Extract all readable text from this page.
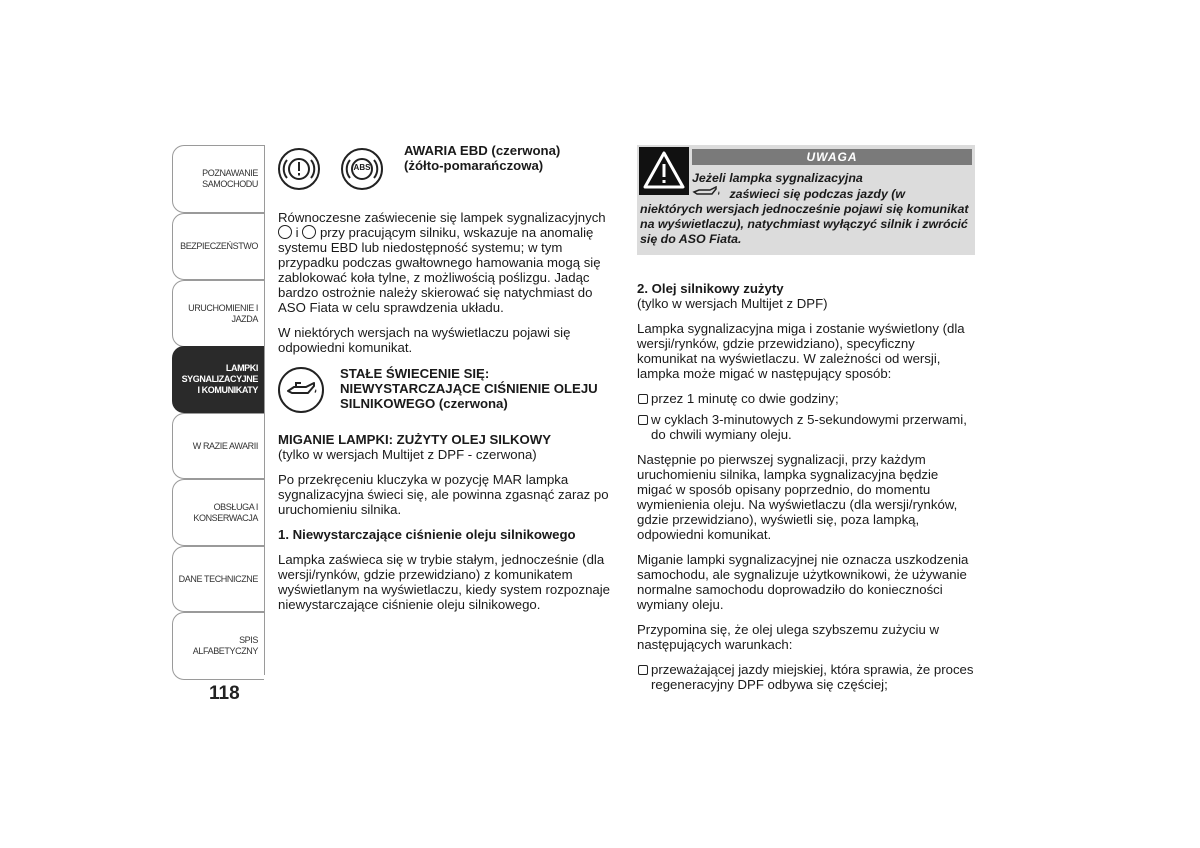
POZNAWANIE
SAMOCHODU
BEZPIECZEŃSTWO
URUCHOMIENIE I
JAZDA
LAMPKI
SYGNALIZACYJNE
I KOMUNIKATY
W RAZIE AWARII
OBSŁUGA I
KONSERWACJA
DANE TECHNICZNE
SPIS ALFABETYCZNY
118
ABS
AWARIA EBD (czerwona)
(żółto-pomarańczowa)
Równoczesne zaświecenie się lampek sygnalizacyjnych
i przy pracującym silniku, wskazuje na anomalię
systemu EBD lub niedostępność systemu; w tym przypadku podczas gwałtownego hamowania mogą się zablokować koła tylne, z możliwością poślizgu. Jadąc bardzo ostrożnie należy skierować się natychmiast do ASO Fiata w celu sprawdzenia układu.
W niektórych wersjach na wyświetlaczu pojawi się odpowiedni komunikat.
STAŁE ŚWIECENIE SIĘ: NIEWYSTARCZAJĄCE CIŚNIENIE OLEJU SILNIKOWEGO (czerwona)
MIGANIE LAMPKI: ZUŻYTY OLEJ SILKOWY
(tylko w wersjach Multijet z DPF - czerwona)
Po przekręceniu kluczyka w pozycję MAR lampka sygnalizacyjna świeci się, ale powinna zgasnąć zaraz po uruchomieniu silnika.
1. Niewystarczające ciśnienie oleju silnikowego
Lampka zaświeca się w trybie stałym, jednocześnie (dla wersji/rynków, gdzie przewidziano) z komunikatem wyświetlanym na wyświetlaczu, kiedy system rozpoznaje niewystarczające ciśnienie oleju silnikowego.
UWAGA
Jeżeli lampka sygnalizacyjna
zaświeci się podczas jazdy (w
niektórych wersjach jednocześnie pojawi się komunikat na wyświetlaczu), natychmiast wyłączyć silnik i zwrócić się do ASO Fiata.
2. Olej silnikowy zużyty
(tylko w wersjach Multijet z DPF)
Lampka sygnalizacyjna miga i zostanie wyświetlony (dla wersji/rynków, gdzie przewidziano), specyficzny komunikat na wyświetlaczu. W zależności od wersji, lampka może migać w następujący sposób:
przez 1 minutę co dwie godziny;
w cyklach 3-minutowych z 5-sekundowymi przerwami, do chwili wymiany oleju.
Następnie po pierwszej sygnalizacji, przy każdym uruchomieniu silnika, lampka sygnalizacyjna będzie migać w sposób opisany poprzednio, do momentu wymienienia oleju. Na wyświetlaczu (dla wersji/rynków, gdzie przewidziano), wyświetli się, poza lampką, odpowiedni komunikat.
Miganie lampki sygnalizacyjnej nie oznacza uszkodzenia samochodu, ale sygnalizuje użytkownikowi, że używanie normalne samochodu doprowadziło do konieczności wymiany oleju.
Przypomina się, że olej ulega szybszemu zużyciu w następujących warunkach:
przeważającej jazdy miejskiej, która sprawia, że proces regeneracyjny DPF odbywa się częściej;
